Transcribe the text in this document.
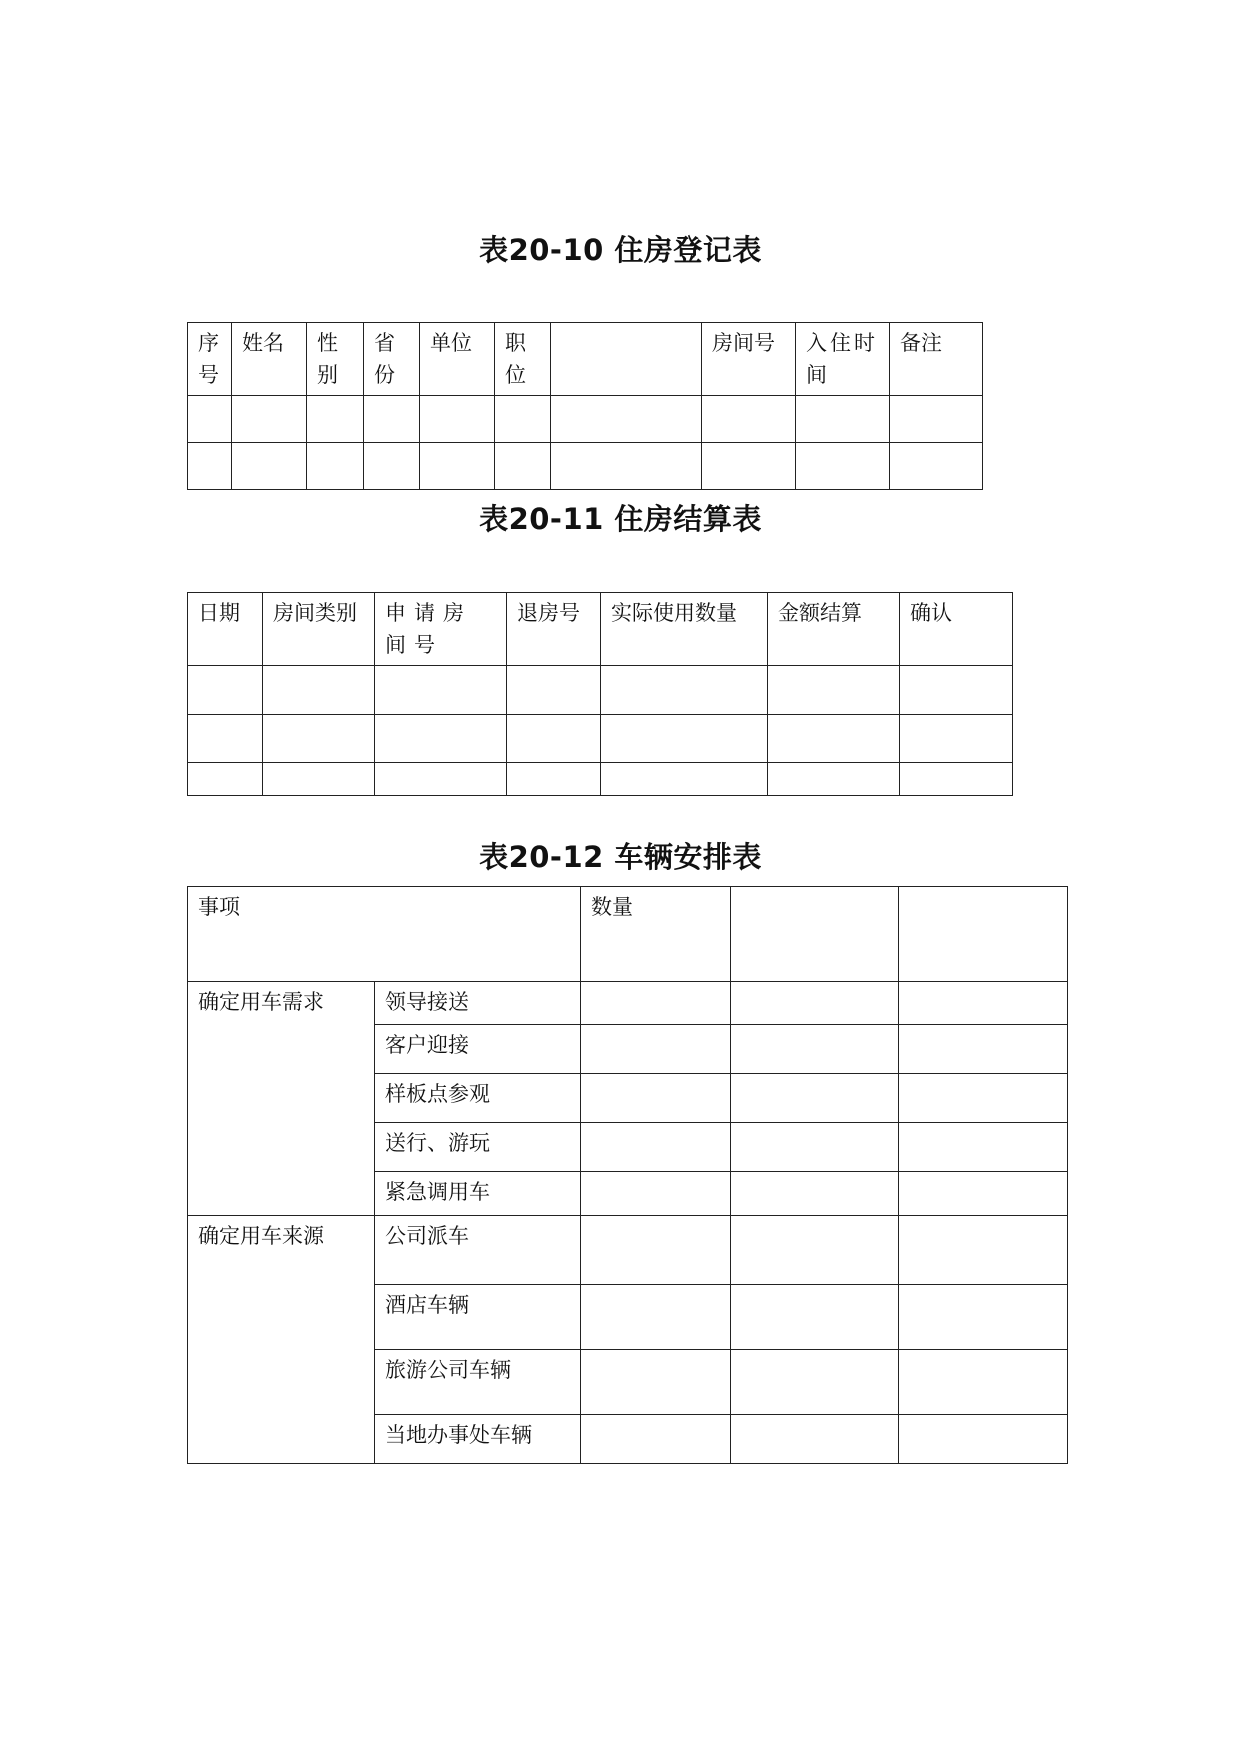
表20-10 住房登记表
序号	姓名	性别	省份	单位	职位		房间号	入住时间	备注

表20-11 住房结算表
日期	房间类别	申请房间号	退房号	实际使用数量	金额结算	确认

表20-12 车辆安排表
事项		数量		
确定用车需求	领导接送			
	客户迎接			
	样板点参观			
	送行、游玩			
	紧急调用车			
确定用车来源	公司派车			
	酒店车辆			
	旅游公司车辆			
	当地办事处车辆			
